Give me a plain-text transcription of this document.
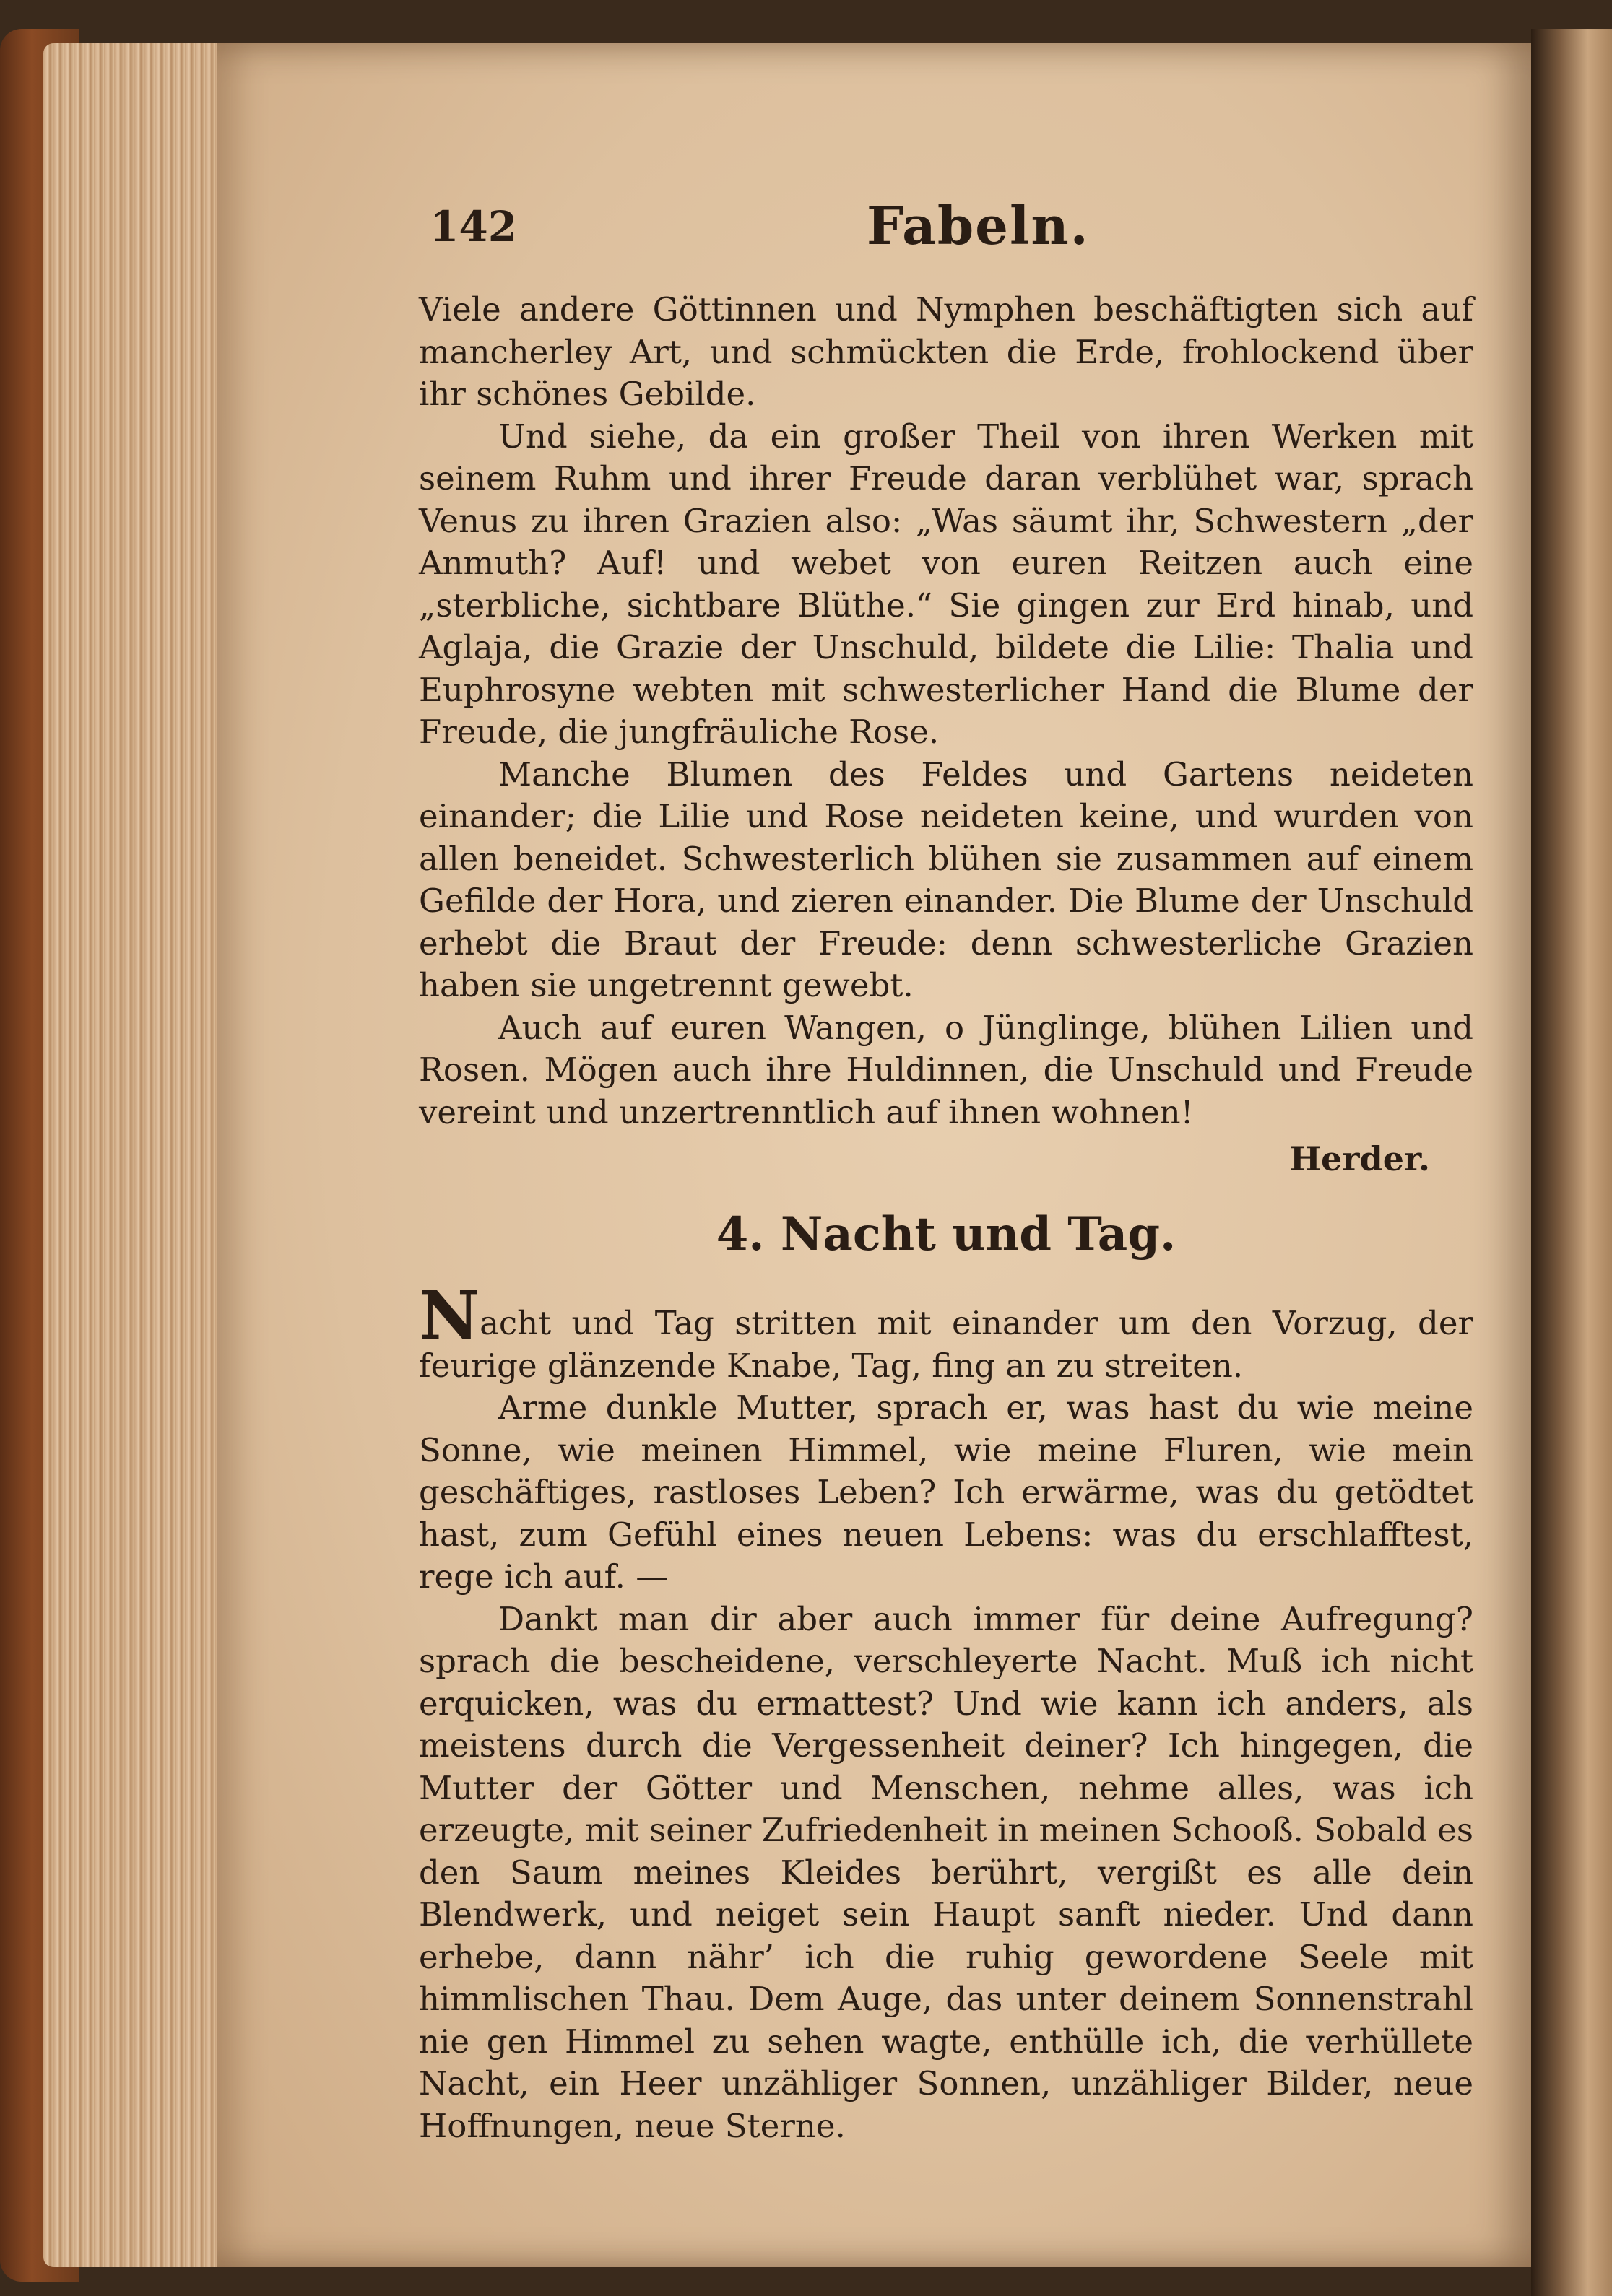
142	Fabeln.

Viele andere Göttinnen und Nymphen beschäftigten sich auf mancherley Art, und schmückten die Erde, frohlockend über ihr schönes Gebilde.

Und siehe, da ein großer Theil von ihren Werken mit seinem Ruhm und ihrer Freude daran verblühet war, sprach Venus zu ihren Grazien also: „Was säumt ihr, Schwestern „der Anmuth? Auf! und webet von euren Reitzen auch eine „sterbliche, sichtbare Blüthe.“ Sie gingen zur Erd hinab, und Aglaja, die Grazie der Unschuld, bildete die Lilie: Thalia und Euphrosyne webten mit schwesterlicher Hand die Blume der Freude, die jungfräuliche Rose.

Manche Blumen des Feldes und Gartens neideten einander; die Lilie und Rose neideten keine, und wurden von allen beneidet. Schwesterlich blühen sie zusammen auf einem Gefilde der Hora, und zieren einander. Die Blume der Unschuld erhebt die Braut der Freude: denn schwesterliche Grazien haben sie ungetrennt gewebt.

Auch auf euren Wangen, o Jünglinge, blühen Lilien und Rosen. Mögen auch ihre Huldinnen, die Unschuld und Freude vereint und unzertrenntlich auf ihnen wohnen!

Herder.
4. Nacht und Tag.

Nacht und Tag stritten mit einander um den Vorzug, der feurige glänzende Knabe, Tag, fing an zu streiten.

Arme dunkle Mutter, sprach er, was hast du wie meine Sonne, wie meinen Himmel, wie meine Fluren, wie mein geschäftiges, rastloses Leben? Ich erwärme, was du getödtet hast, zum Gefühl eines neuen Lebens: was du erschlafftest, rege ich auf. —

Dankt man dir aber auch immer für deine Aufregung? sprach die bescheidene, verschleyerte Nacht. Muß ich nicht erquicken, was du ermattest? Und wie kann ich anders, als meistens durch die Vergessenheit deiner? Ich hingegen, die Mutter der Götter und Menschen, nehme alles, was ich erzeugte, mit seiner Zufriedenheit in meinen Schooß. Sobald es den Saum meines Kleides berührt, vergißt es alle dein Blendwerk, und neiget sein Haupt sanft nieder. Und dann erhebe, dann nähr’ ich die ruhig gewordene Seele mit himmlischen Thau. Dem Auge, das unter deinem Sonnenstrahl nie gen Himmel zu sehen wagte, enthülle ich, die verhüllete Nacht, ein Heer unzähliger Sonnen, unzähliger Bilder, neue Hoffnungen, neue Sterne.
